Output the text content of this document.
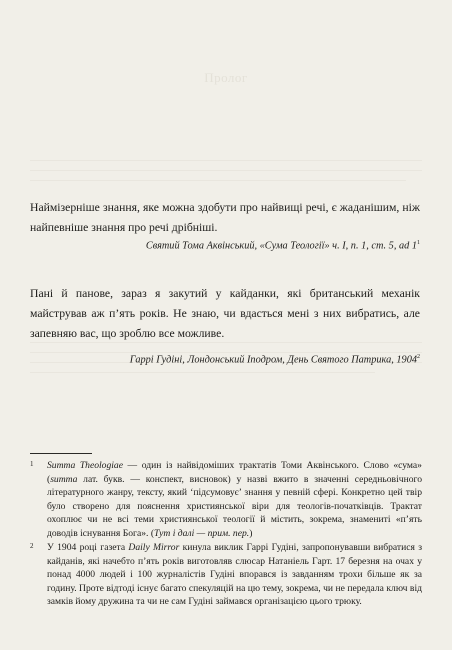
Пролог
Наймізерніше знання, яке можна здобути про найвищі речі, є жаданішим, ніж найпевніше знання про речі дрібніші.
Святий Тома Аквінський, «Сума Теології» ч. І, п. 1, ст. 5, ad $1^1$
Пані й панове, зараз я закутий у кайданки, які британський механік майстрував аж п’ять років. Не знаю, чи вдасться мені з них вибратись, але запевняю вас, що зроблю все можливе.
Гаррі Гудіні, Лондонський Іподром, День Святого Патрика, 1904$^2$
1 Summa Theologiae — один із найвідоміших трактатів Томи Аквінського. Слово «сума» (summa лат. букв. — конспект, висновок) у назві вжито в значенні середньовічного літературного жанру, тексту, який ‘підсумовує’ знання у певній сфері. Конкретно цей твір було створено для пояснення християнської віри для теологів-початківців. Трактат охоплює чи не всі теми християнської теології й містить, зокрема, знамениті «п’ять доводів існування Бога». (Тут і далі — прим. пер.)
2 У 1904 році газета Daily Mirror кинула виклик Гаррі Гудіні, запропонувавши вибратися з кайданів, які начебто п’ять років виготовляв слюсар Натаніель Гарт. 17 березня на очах у понад 4000 людей і 100 журналістів Гудіні впорався із завданням трохи більше як за годину. Проте відтоді існує багато спекуляцій на цю тему, зокрема, чи не передала ключ від замків йому дружина та чи не сам Гудіні займався організацією цього трюку.
